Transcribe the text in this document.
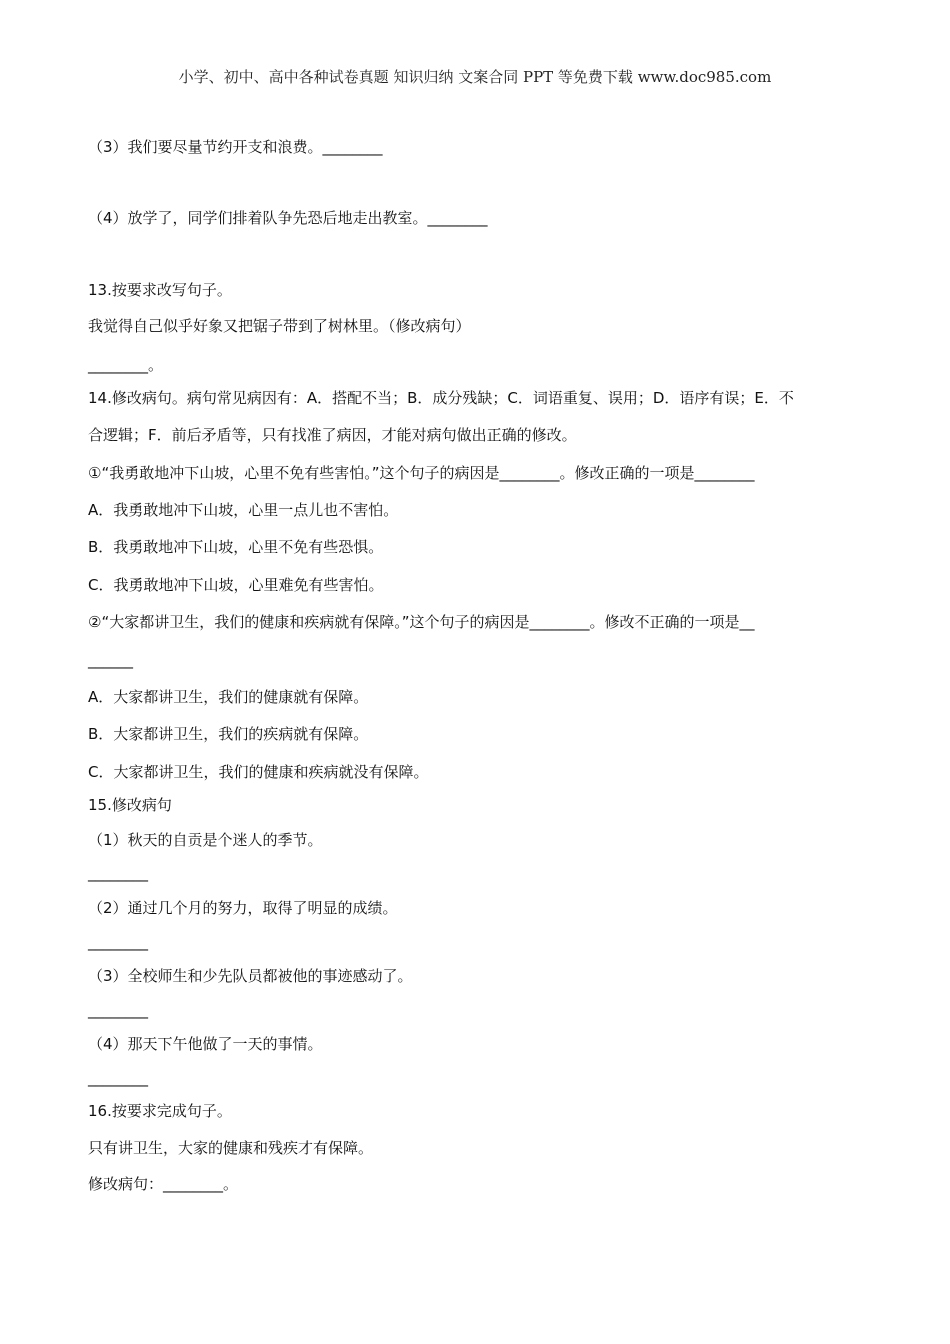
小学、初中、高中各种试卷真题 知识归纳 文案合同 PPT 等免费下载 www.doc985.com
（3）我们要尽量节约开支和浪费。________
（4）放学了，同学们排着队争先恐后地走出教室。________
13.按要求改写句子。
我觉得自己似乎好象又把锯子带到了树林里。（修改病句）
________。
14.修改病句。病句常见病因有：A．搭配不当；B．成分残缺；C．词语重复、误用；D．语序有误；E．不
合逻辑；F．前后矛盾等，只有找准了病因，才能对病句做出正确的修改。
①“我勇敢地冲下山坡，心里不免有些害怕。”这个句子的病因是________。修改正确的一项是________
A．我勇敢地冲下山坡，心里一点儿也不害怕。
B．我勇敢地冲下山坡，心里不免有些恐惧。
C．我勇敢地冲下山坡，心里难免有些害怕。
②“大家都讲卫生，我们的健康和疾病就有保障。”这个句子的病因是________。修改不正确的一项是__
______
A．大家都讲卫生，我们的健康就有保障。
B．大家都讲卫生，我们的疾病就有保障。
C．大家都讲卫生，我们的健康和疾病就没有保障。
15.修改病句
（1）秋天的自贡是个迷人的季节。
________
（2）通过几个月的努力，取得了明显的成绩。
________
（3）全校师生和少先队员都被他的事迹感动了。
________
（4）那天下午他做了一天的事情。
________
16.按要求完成句子。
只有讲卫生，大家的健康和残疾才有保障。
修改病句：________。
